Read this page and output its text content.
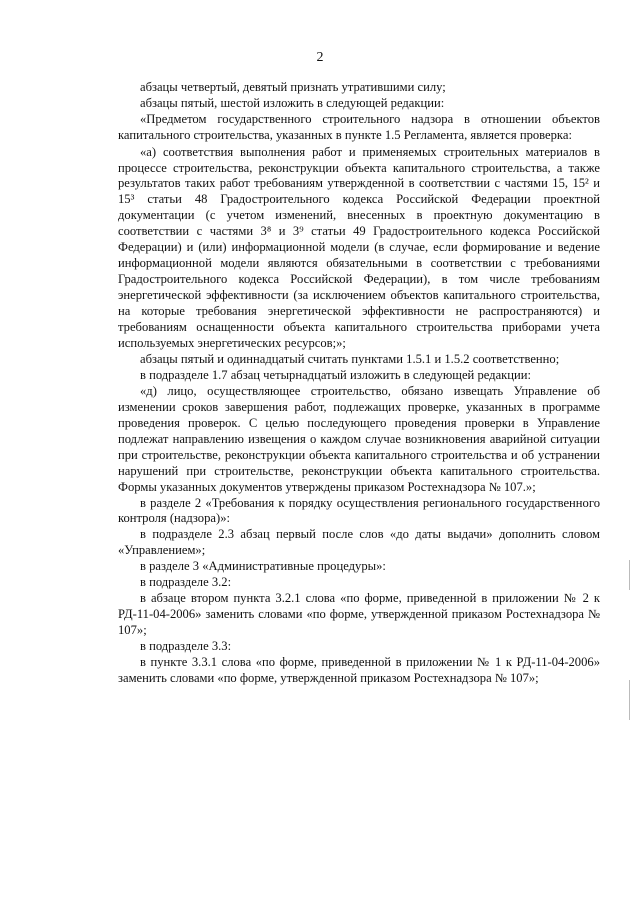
2

абзацы четвертый, девятый признать утратившими силу;

абзацы пятый, шестой изложить в следующей редакции:

«Предметом государственного строительного надзора в отношении объектов капитального строительства, указанных в пункте 1.5 Регламента, является проверка:

«а) соответствия выполнения работ и применяемых строительных материалов в процессе строительства, реконструкции объекта капитального строительства, а также результатов таких работ требованиям утвержденной в соответствии с частями 15, 15² и 15³ статьи 48 Градостроительного кодекса Российской Федерации проектной документации (с учетом изменений, внесенных в проектную документацию в соответствии с частями 3⁸ и 3⁹ статьи 49 Градостроительного кодекса Российской Федерации) и (или) информационной модели (в случае, если формирование и ведение информационной модели являются обязательными в соответствии с требованиями Градостроительного кодекса Российской Федерации), в том числе требованиям энергетической эффективности (за исключением объектов капитального строительства, на которые требования энергетической эффективности не распространяются) и требованиям оснащенности объекта капитального строительства приборами учета используемых энергетических ресурсов;»;

абзацы пятый и одиннадцатый считать пунктами 1.5.1 и 1.5.2 соответственно;

в подразделе 1.7 абзац четырнадцатый изложить в следующей редакции:

«д) лицо, осуществляющее строительство, обязано извещать Управление об изменении сроков завершения работ, подлежащих проверке, указанных в программе проведения проверок. С целью последующего проведения проверки в Управление подлежат направлению извещения о каждом случае возникновения аварийной ситуации при строительстве, реконструкции объекта капитального строительства и об устранении нарушений при строительстве, реконструкции объекта капитального строительства. Формы указанных документов утверждены приказом Ростехнадзора № 107.»;

в разделе 2 «Требования к порядку осуществления регионального государственного контроля (надзора)»:

в подразделе 2.3 абзац первый после слов «до даты выдачи» дополнить словом «Управлением»;

в разделе 3 «Административные процедуры»:

в подразделе 3.2:

в абзаце втором пункта 3.2.1 слова «по форме, приведенной в приложении № 2 к РД-11-04-2006» заменить словами «по форме, утвержденной приказом Ростехнадзора № 107»;

в подразделе 3.3:

в пункте 3.3.1 слова «по форме, приведенной в приложении № 1 к РД-11-04-2006» заменить словами «по форме, утвержденной приказом Ростехнадзора № 107»;
